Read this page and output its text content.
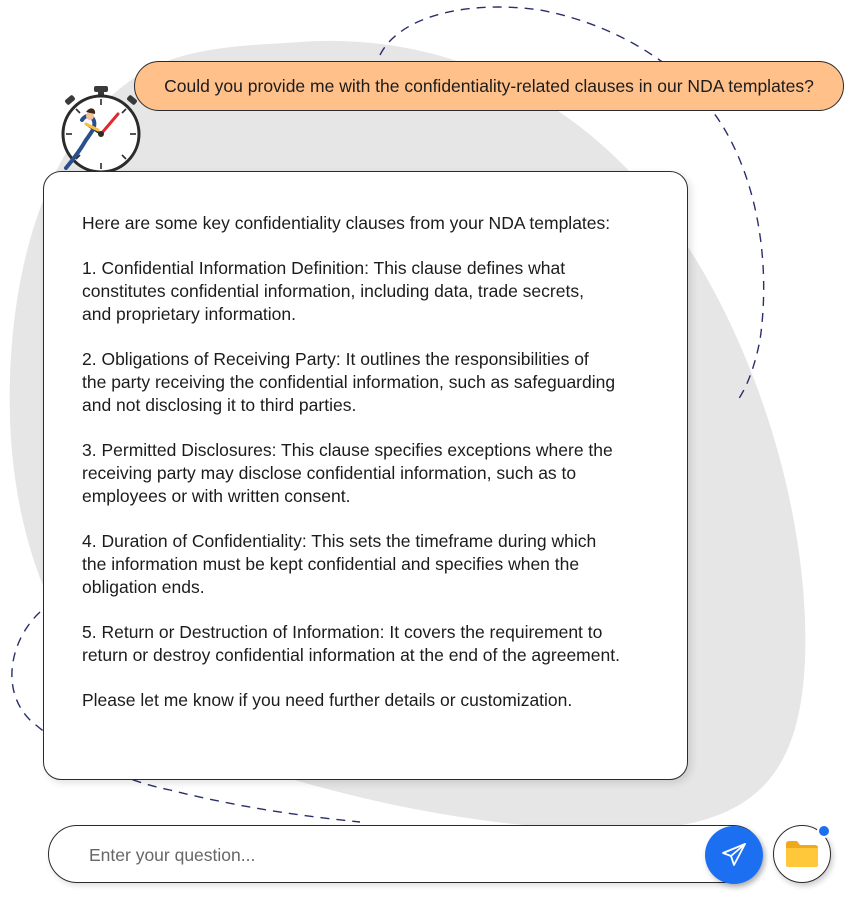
Could you provide me with the confidentiality-related clauses in our NDA templates?

Here are some key confidentiality clauses from your NDA templates:

1. Confidential Information Definition: This clause defines what
constitutes confidential information, including data, trade secrets,
and proprietary information.

2. Obligations of Receiving Party: It outlines the responsibilities of
the party receiving the confidential information, such as safeguarding
and not disclosing it to third parties.

3. Permitted Disclosures: This clause specifies exceptions where the
receiving party may disclose confidential information, such as to
employees or with written consent.

4. Duration of Confidentiality: This sets the timeframe during which
the information must be kept confidential and specifies when the
obligation ends.

5. Return or Destruction of Information: It covers the requirement to
return or destroy confidential information at the end of the agreement.

Please let me know if you need further details or customization.

Enter your question...
